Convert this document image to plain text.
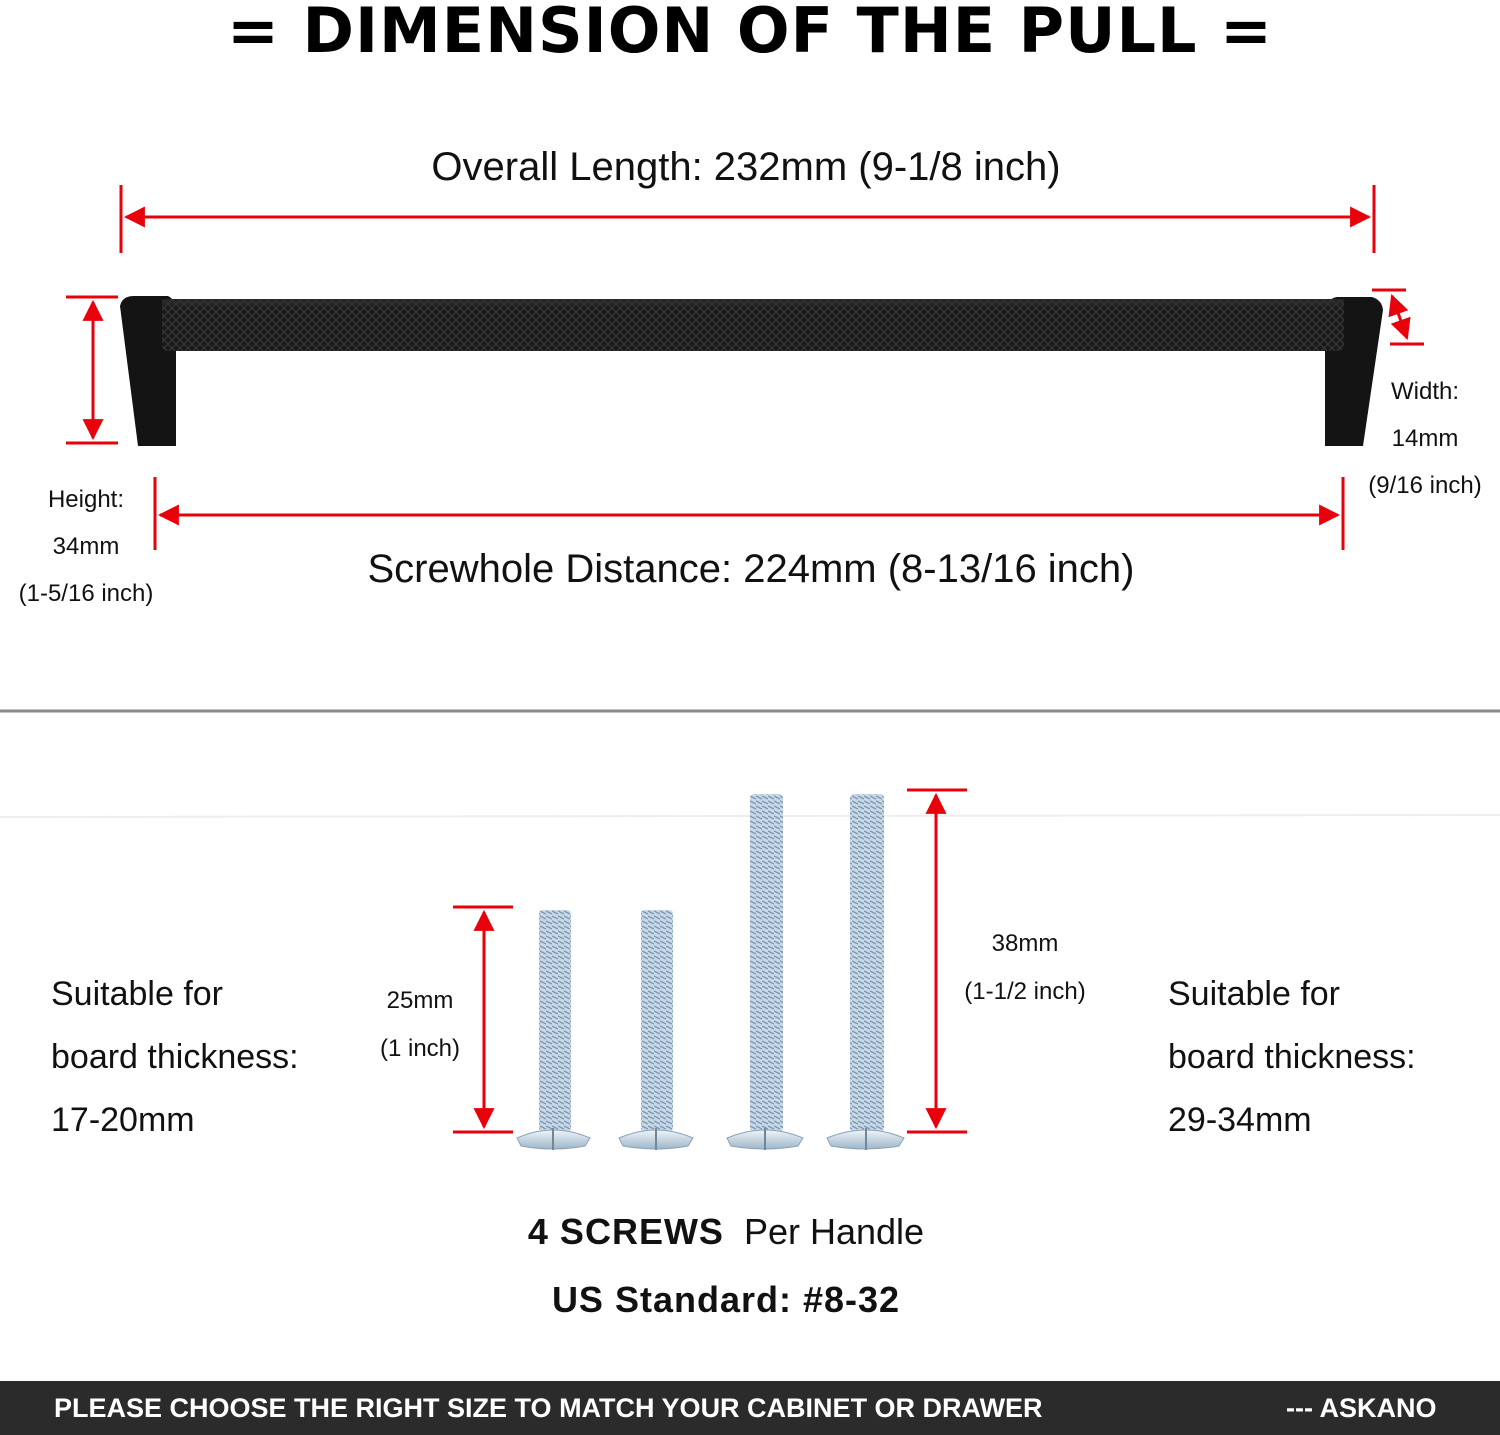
= DIMENSION OF THE PULL =
Overall Length: 232mm (9-1/8 inch)
Screwhole Distance: 224mm (8-13/16 inch)
Height:
34mm
(1-5/16 inch)
Width:
14mm
(9/16 inch)
Suitable for
board thickness:
17-20mm
Suitable for
board thickness:
29-34mm
25mm
(1 inch)
38mm
(1-1/2 inch)
4 SCREWS Per Handle
US Standard: #8-32
PLEASE CHOOSE THE RIGHT SIZE TO MATCH YOUR CABINET OR DRAWER	--- ASKANO
